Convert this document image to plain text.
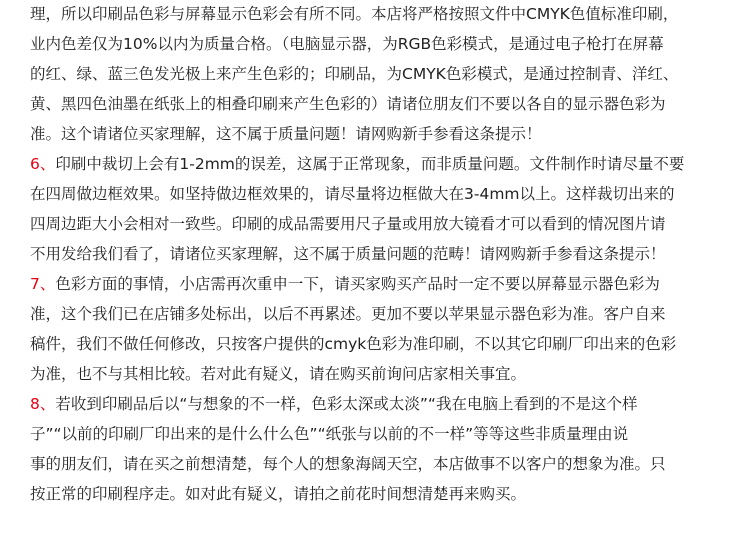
理，所以印刷品色彩与屏幕显示色彩会有所不同。本店将严格按照文件中CMYK色值标准印刷，
业内色差仅为10%以内为质量合格。（电脑显示器，为RGB色彩模式，是通过电子枪打在屏幕
的红、绿、蓝三色发光极上来产生色彩的；印刷品，为CMYK色彩模式，是通过控制青、洋红、
黄、黑四色油墨在纸张上的相叠印刷来产生色彩的）请诸位朋友们不要以各自的显示器色彩为
准。这个请诸位买家理解，这不属于质量问题！请网购新手参看这条提示！
6、印刷中裁切上会有1-2mm的误差，这属于正常现象，而非质量问题。文件制作时请尽量不要
在四周做边框效果。如坚持做边框效果的，请尽量将边框做大在3-4mm以上。这样裁切出来的
四周边距大小会相对一致些。印刷的成品需要用尺子量或用放大镜看才可以看到的情况图片请
不用发给我们看了，请诸位买家理解，这不属于质量问题的范畴！请网购新手参看这条提示！
7、色彩方面的事情，小店需再次重申一下，请买家购买产品时一定不要以屏幕显示器色彩为
准，这个我们已在店铺多处标出，以后不再累述。更加不要以苹果显示器色彩为准。客户自来
稿件，我们不做任何修改，只按客户提供的cmyk色彩为准印刷，不以其它印刷厂印出来的色彩
为准，也不与其相比较。若对此有疑义，请在购买前询问店家相关事宜。
8、若收到印刷品后以“与想象的不一样，色彩太深或太淡”“我在电脑上看到的不是这个样
子”“以前的印刷厂印出来的是什么什么色”“纸张与以前的不一样”等等这些非质量理由说
事的朋友们，请在买之前想清楚，每个人的想象海阔天空，本店做事不以客户的想象为准。只
按正常的印刷程序走。如对此有疑义，请拍之前花时间想清楚再来购买。
